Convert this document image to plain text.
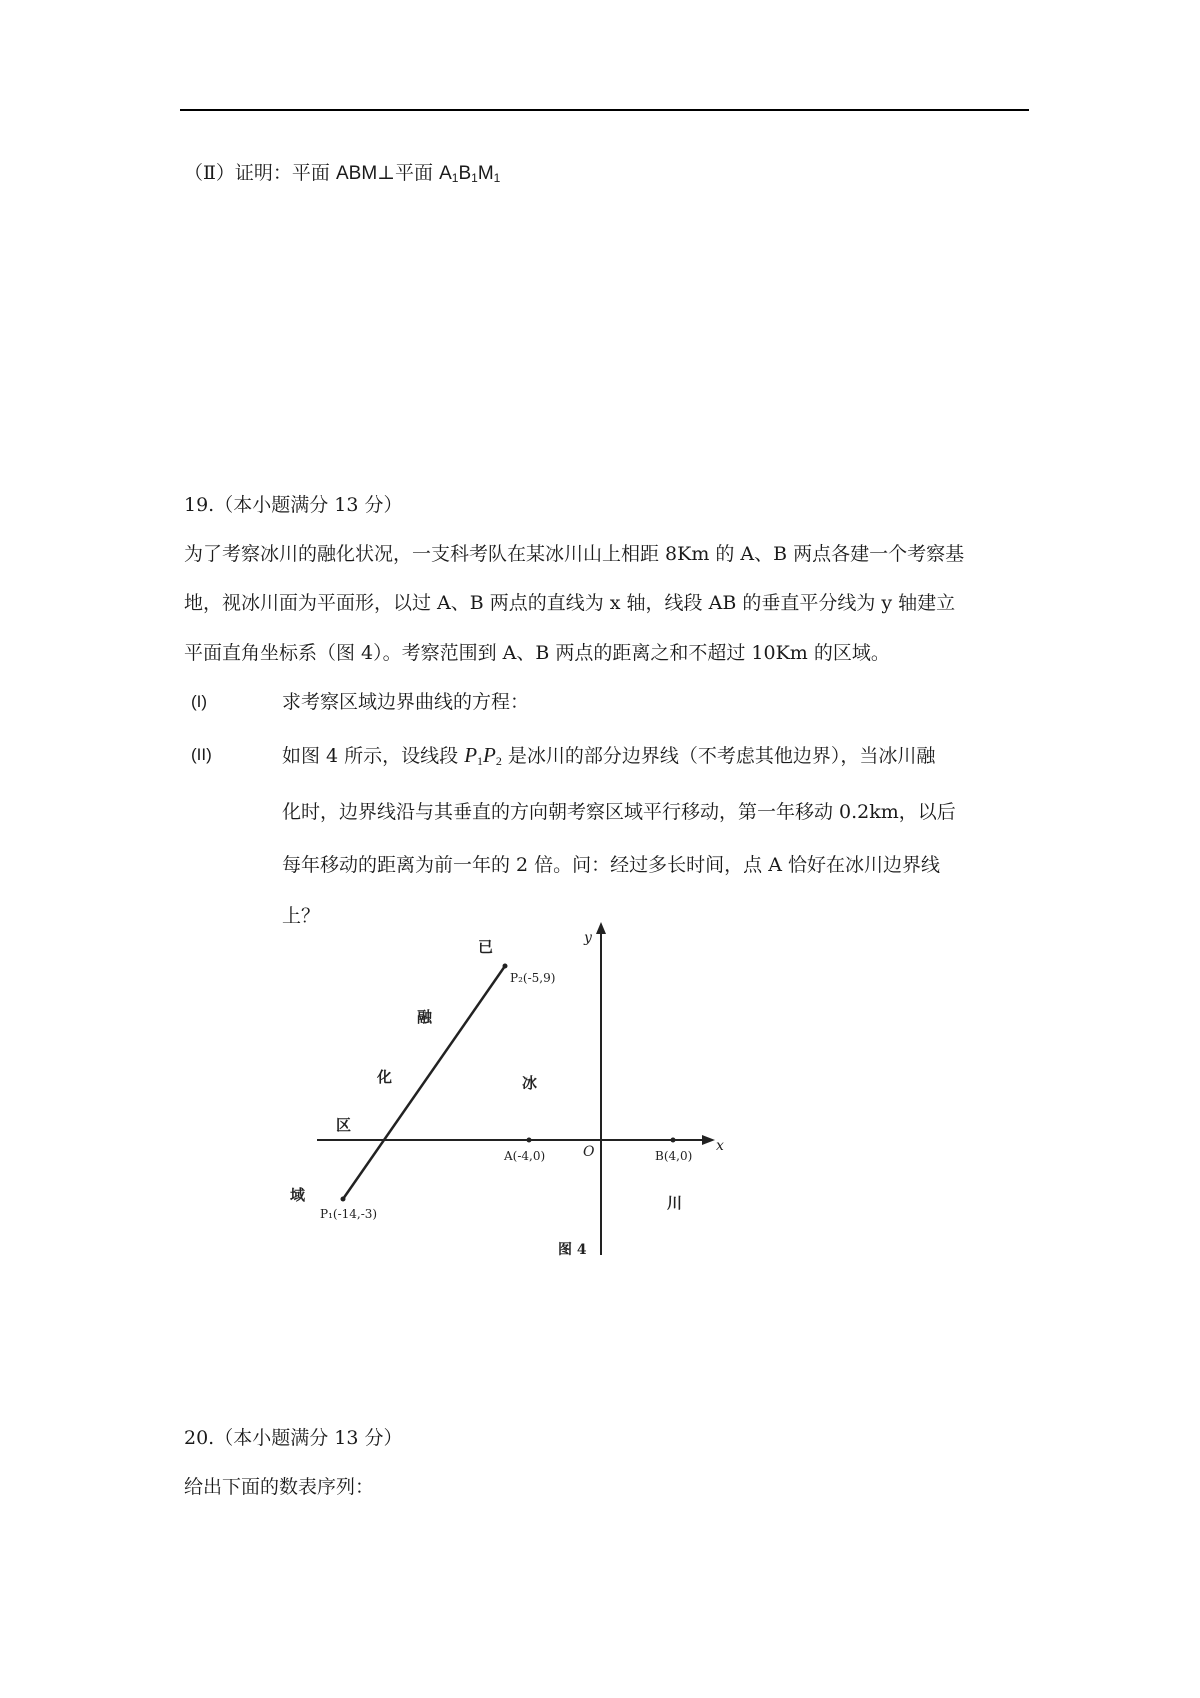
（Ⅱ）证明：平面 ABM⊥平面 $A_1B_1M_1$
19.（本小题满分 13 分）
为了考察冰川的融化状况，一支科考队在某冰川山上相距 8Km 的 A、B 两点各建一个考察基
地，视冰川面为平面形，以过 A、B 两点的直线为 x 轴，线段 AB 的垂直平分线为 y 轴建立
平面直角坐标系（图 4）。考察范围到 A、B 两点的距离之和不超过 10Km 的区域。
(I)	求考察区域边界曲线的方程：
(II)	如图 4 所示，设线段 $P_1P_2$ 是冰川的部分边界线（不考虑其他边界），当冰川融
化时，边界线沿与其垂直的方向朝考察区域平行移动，第一年移动 0.2km，以后
每年移动的距离为前一年的 2 倍。问：经过多长时间，点 A 恰好在冰川边界线
上？
y
x
O
A(-4,0)	B(4,0)
P₁(-14,-3)
P₂(-5,9)
已
融
化
区
域
冰
川
图 4
20.（本小题满分 13 分）
给出下面的数表序列：
